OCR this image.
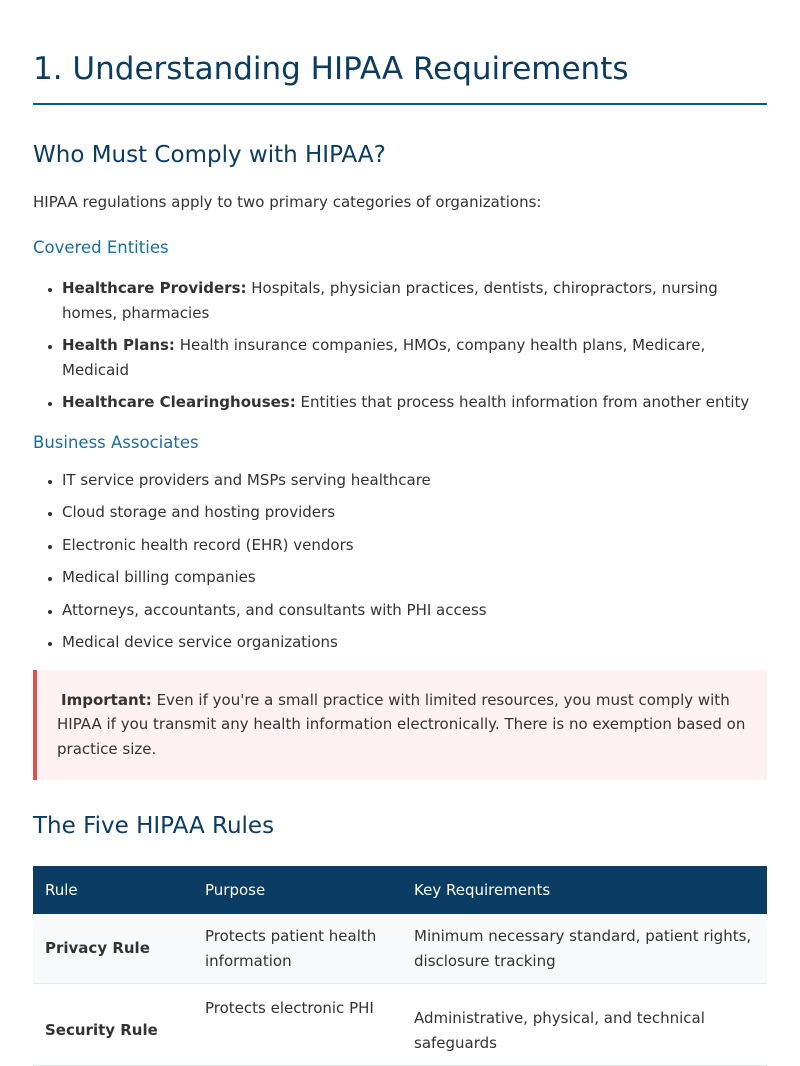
1. Understanding HIPAA Requirements
Who Must Comply with HIPAA?

HIPAA regulations apply to two primary categories of organizations:

Covered Entities
• Healthcare Providers: Hospitals, physician practices, dentists, chiropractors, nursing homes, pharmacies
• Health Plans: Health insurance companies, HMOs, company health plans, Medicare, Medicaid
• Healthcare Clearinghouses: Entities that process health information from another entity
Business Associates
• IT service providers and MSPs serving healthcare
• Cloud storage and hosting providers
• Electronic health record (EHR) vendors
• Medical billing companies
• Attorneys, accountants, and consultants with PHI access
• Medical device service organizations
Important: Even if you're a small practice with limited resources, you must comply with HIPAA if you transmit any health information electronically. There is no exemption based on practice size.
The Five HIPAA Rules
Rule	Purpose	Key Requirements
Privacy Rule	Protects patient health information	Minimum necessary standard, patient rights, disclosure tracking
Security Rule	Protects electronic PHI	Administrative, physical, and technical safeguards
